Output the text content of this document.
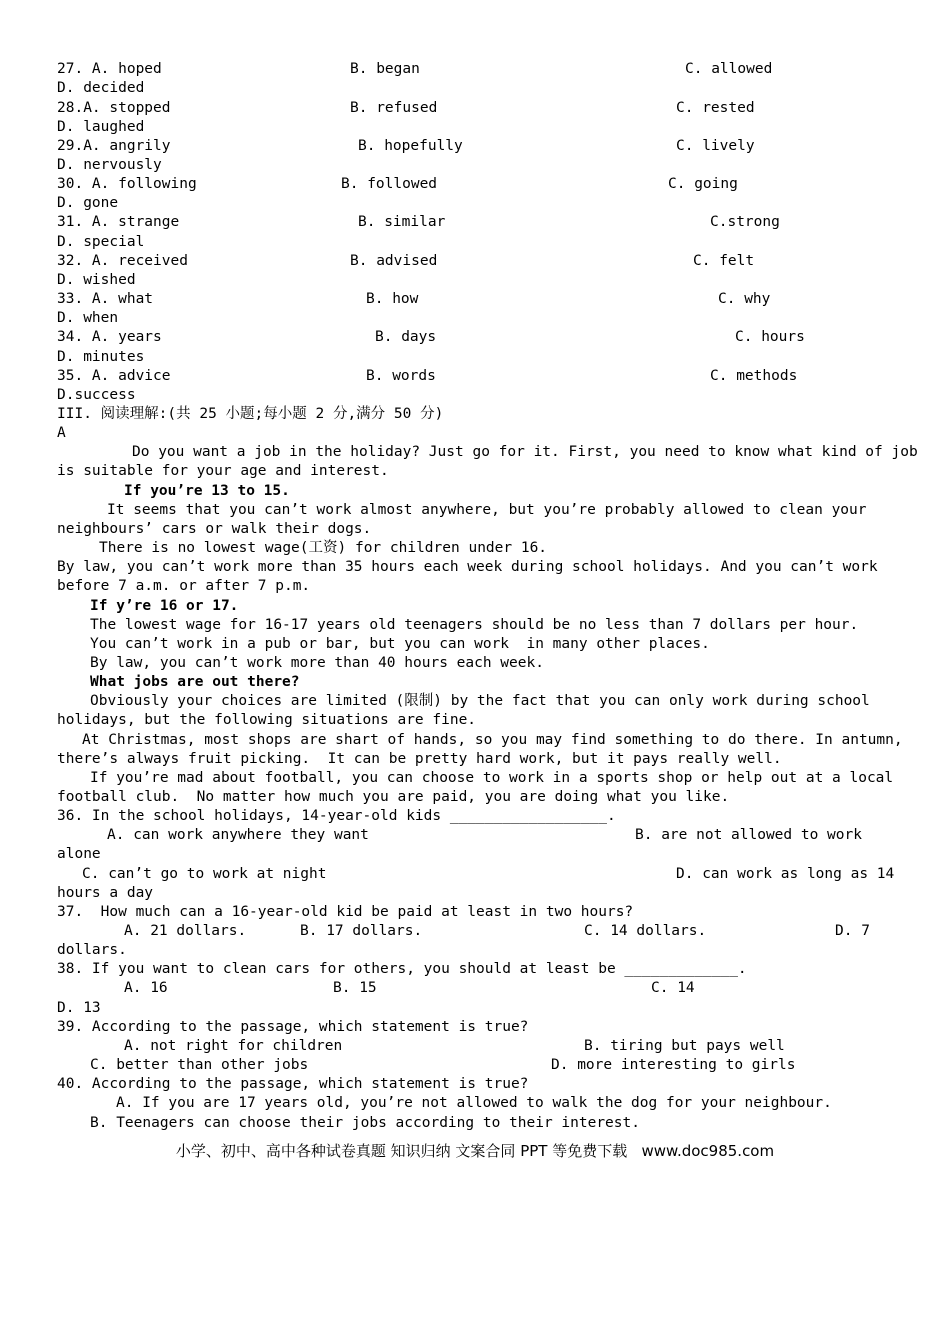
27. A. hoped	B. began	C. allowed
D. decided
28.A. stopped	B. refused	C. rested
D. laughed
29.A. angrily	B. hopefully	C. lively
D. nervously
30. A. following	B. followed	C. going
D. gone
31. A. strange	B. similar	C.strong
D. special
32. A. received	B. advised	C. felt
D. wished
33. A. what	B. how	C. why
D. when
34. A. years	B. days	C. hours
D. minutes
35. A. advice	B. words	C. methods
D.success
III. 阅读理解:(共 25 小题;每小题 2 分,满分 50 分)
A
Do you want a job in the holiday? Just go for it. First, you need to know what kind of job
is suitable for your age and interest.
If you’re 13 to 15.
It seems that you can’t work almost anywhere, but you’re probably allowed to clean your
neighbours’ cars or walk their dogs.
There is no lowest wage(工资) for children under 16.
By law, you can’t work more than 35 hours each week during school holidays. And you can’t work
before 7 a.m. or after 7 p.m.
If y’re 16 or 17.
The lowest wage for 16-17 years old teenagers should be no less than 7 dollars per hour.
You can’t work in a pub or bar, but you can work  in many other places.
By law, you can’t work more than 40 hours each week.
What jobs are out there?
Obviously your choices are limited (限制) by the fact that you can only work during school
holidays, but the following situations are fine.
At Christmas, most shops are shart of hands, so you may find something to do there. In antumn,
there’s always fruit picking.  It can be pretty hard work, but it pays really well.
If you’re mad about football, you can choose to work in a sports shop or help out at a local
football club.  No matter how much you are paid, you are doing what you like.
36. In the school holidays, 14-year-old kids __________________.
A. can work anywhere they want	B. are not allowed to work
alone
C. can’t go to work at night	D. can work as long as 14
hours a day
37.  How much can a 16-year-old kid be paid at least in two hours?
A. 21 dollars.	B. 17 dollars.	C. 14 dollars.	D. 7
dollars.
38. If you want to clean cars for others, you should at least be _____________.
A. 16	B. 15	C. 14
D. 13
39. According to the passage, which statement is true?
A. not right for children	B. tiring but pays well
C. better than other jobs	D. more interesting to girls
40. According to the passage, which statement is true?
A. If you are 17 years old, you’re not allowed to walk the dog for your neighbour.
B. Teenagers can choose their jobs according to their interest.
小学、初中、高中各种试卷真题 知识归纳 文案合同 PPT 等免费下载   www.doc985.com
